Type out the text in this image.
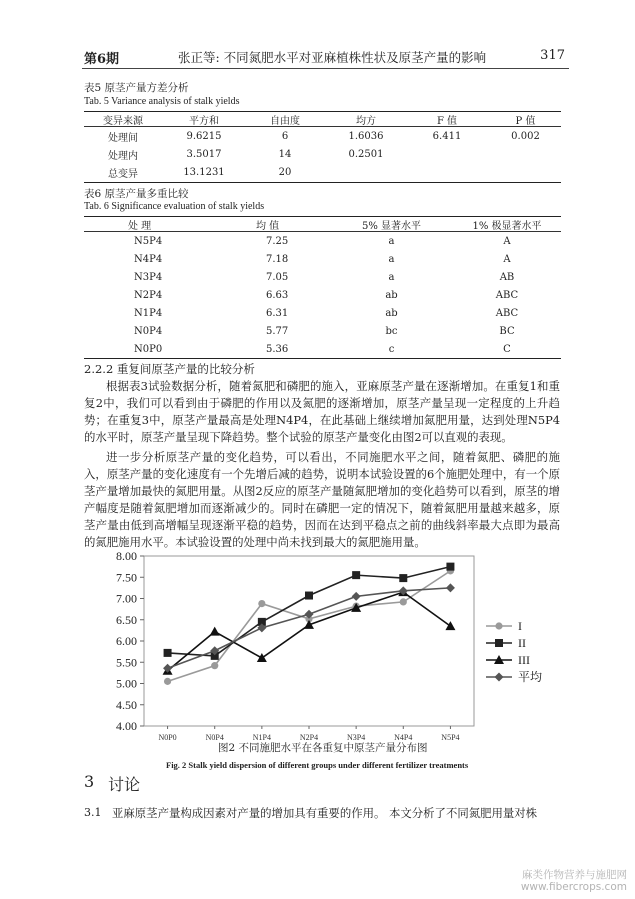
第6期	张正等: 不同氮肥水平对亚麻植株性状及原茎产量的影响	317
表5 原茎产量方差分析
Tab. 5 Variance analysis of stalk yields
变异来源	平方和	自由度	均方	F 值	P 值
处理间	9.6215	6	1.6036	6.411	0.002
处理内	3.5017	14	0.2501		
总变异	13.1231	20			
表6 原茎产量多重比较
Tab. 6 Significance evaluation of stalk yields
处 理	均 值	5% 显著水平	1% 极显著水平
N5P4	7.25	a	A
N4P4	7.18	a	A
N3P4	7.05	a	AB
N2P4	6.63	ab	ABC
N1P4	6.31	ab	ABC
N0P4	5.77	bc	BC
N0P0	5.36	c	C

2.2.2 重复间原茎产量的比较分析

根据表3试验数据分析，随着氮肥和磷肥的施入，亚麻原茎产量在逐渐增加。在重复1和重复2中，我们可以看到由于磷肥的作用以及氮肥的逐渐增加，原茎产量呈现一定程度的上升趋势；在重复3中，原茎产量最高是处理N4P4，在此基础上继续增加氮肥用量，达到处理N5P4的水平时，原茎产量呈现下降趋势。整个试验的原茎产量变化由图2可以直观的表现。

进一步分析原茎产量的变化趋势，可以看出，不同施肥水平之间，随着氮肥、磷肥的施入，原茎产量的变化速度有一个先增后减的趋势，说明本试验设置的6个施肥处理中，有一个原茎产量增加最快的氮肥用量。从图2反应的原茎产量随氮肥增加的变化趋势可以看到，原茎的增产幅度是随着氮肥增加而逐渐减少的。同时在磷肥一定的情况下，随着氮肥用量越来越多，原茎产量由低到高增幅呈现逐渐平稳的趋势，因而在达到平稳点之前的曲线斜率最大点即为最高的氮肥施用水平。本试验设置的处理中尚未找到最大的氮肥施用量。

8.00
7.50
7.00
6.50
6.00
5.50
5.00
4.50
4.00
N0P0	N0P4	N1P4	N2P4	N3P4	N4P4	N5P4
I
II
III
平均
图2 不同施肥水平在各重复中原茎产量分布图
Fig. 2 Stalk yield dispersion of different groups under different fertilizer treatments
3 讨论
3.1 亚麻原茎产量构成因素对产量的增加具有重要的作用。 本文分析了不同氮肥用量对株
麻类作物营养与施肥网
www.fibercrops.com
